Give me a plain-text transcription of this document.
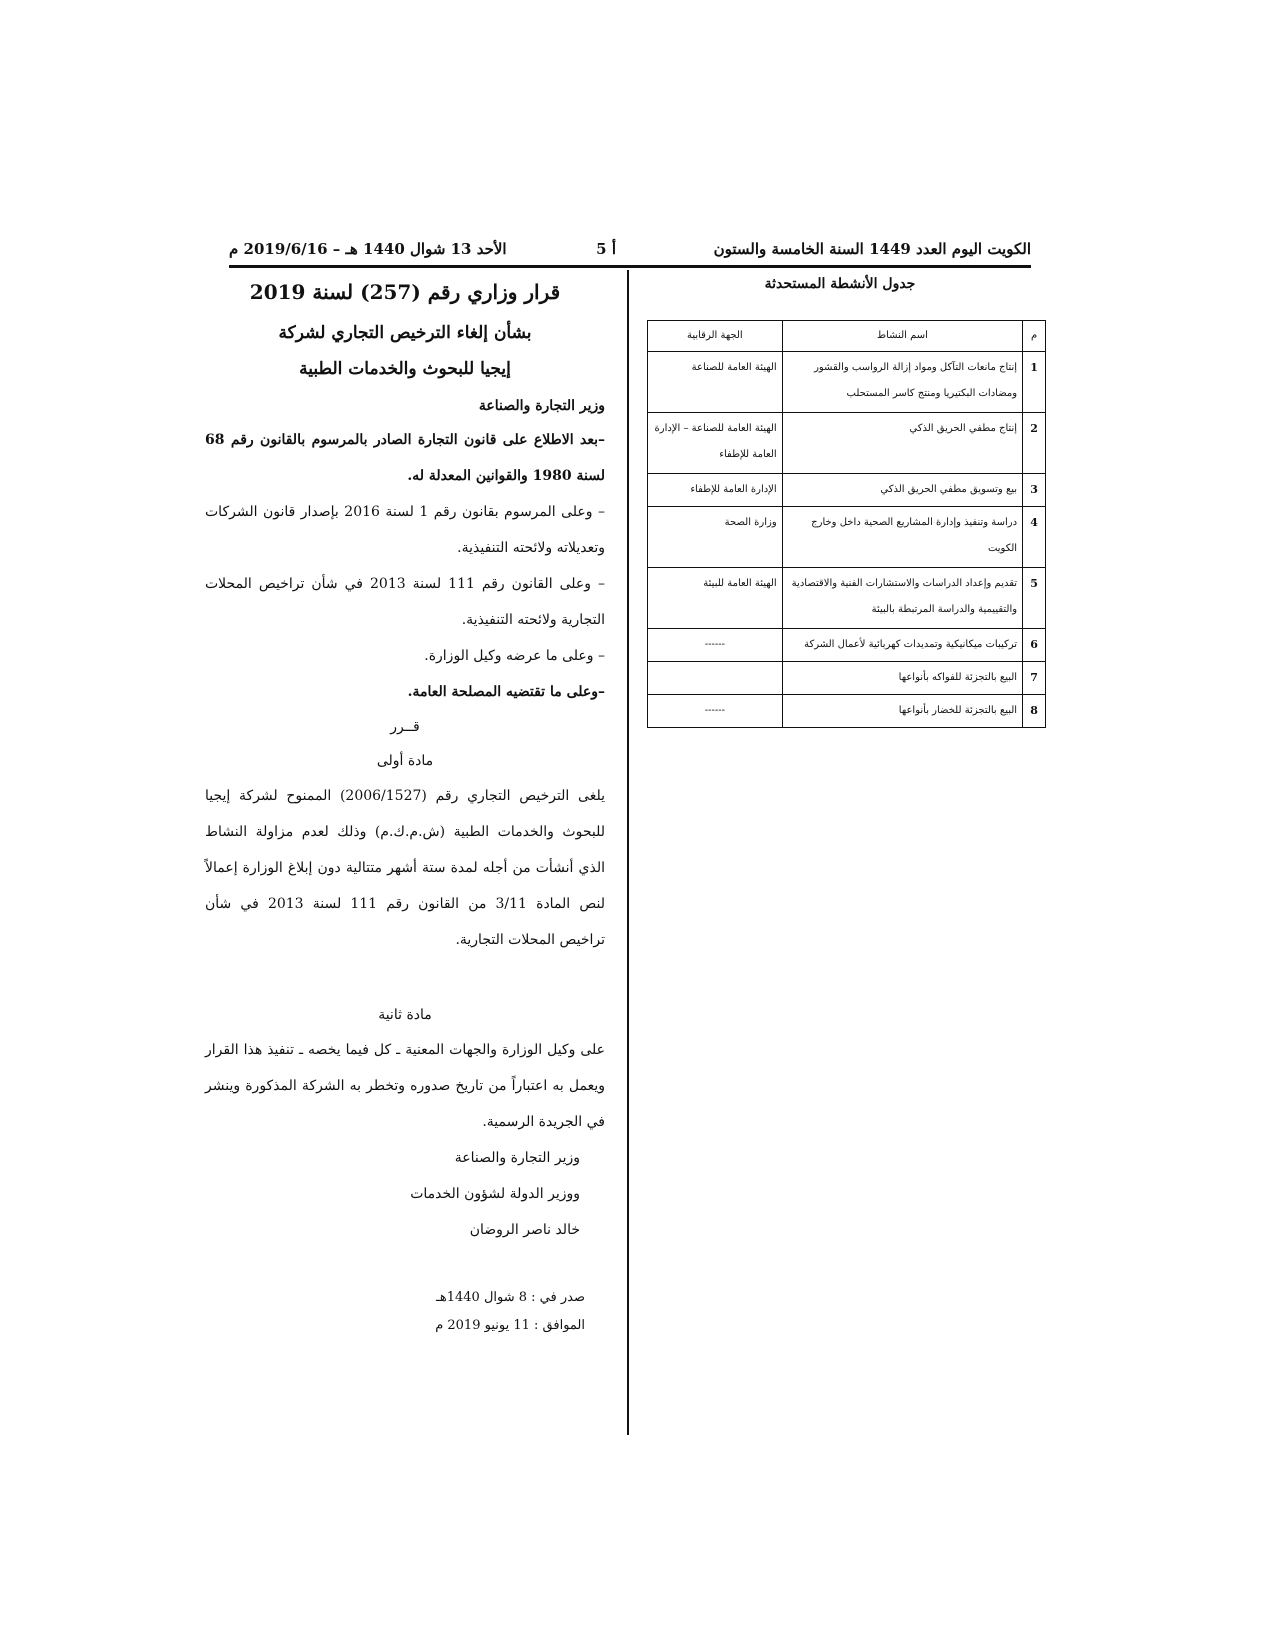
الكويت اليوم العدد 1449 السنة الخامسة والستون
أ 5
الأحد 13 شوال 1440 هـ – 2019/6/16 م
جدول الأنشطة المستحدثة
م	اسم النشاط	الجهة الرقابية
1	إنتاج مانعات التآكل ومواد إزالة الرواسب والقشور ومضادات البكتيريا ومنتج كاسر المستحلب	الهيئة العامة للصناعة
2	إنتاج مطفي الحريق الذكي	الهيئة العامة للصناعة – الإدارة العامة للإطفاء
3	بيع وتسويق مطفي الحريق الذكي	الإدارة العامة للإطفاء
4	دراسة وتنفيذ وإدارة المشاريع الصحية داخل وخارج الكويت	وزارة الصحة
5	تقديم وإعداد الدراسات والاستشارات الفنية والاقتصادية والتقييمية والدراسة المرتبطة بالبيئة	الهيئة العامة للبيئة
6	تركيبات ميكانيكية وتمديدات كهربائية لأعمال الشركة	------
7	البيع بالتجزئة للفواكه بأنواعها	
8	البيع بالتجزئة للخضار بأنواعها	------
قرار وزاري رقم (257) لسنة 2019
بشأن إلغاء الترخيص التجاري لشركة
إيجيا للبحوث والخدمات الطبية
وزير التجارة والصناعة
–بعد الاطلاع على قانون التجارة الصادر بالمرسوم بالقانون رقم 68 لسنة 1980 والقوانين المعدلة له.
– وعلى المرسوم بقانون رقم 1 لسنة 2016 بإصدار قانون الشركات وتعديلاته ولائحته التنفيذية.
– وعلى القانون رقم 111 لسنة 2013 في شأن تراخيص المحلات التجارية ولائحته التنفيذية.
– وعلى ما عرضه وكيل الوزارة.
–وعلى ما تقتضيه المصلحة العامة.
قــرر
مادة أولى
يلغى الترخيص التجاري رقم (2006/1527) الممنوح لشركة إيجيا للبحوث والخدمات الطبية (ش.م.ك.م) وذلك لعدم مزاولة النشاط الذي أنشأت من أجله لمدة ستة أشهر متتالية دون إبلاغ الوزارة إعمالاً لنص المادة 3/11 من القانون رقم 111 لسنة 2013 في شأن تراخيص المحلات التجارية.
مادة ثانية
على وكيل الوزارة والجهات المعنية ـ كل فيما يخصه ـ تنفيذ هذا القرار ويعمل به اعتباراً من تاريخ صدوره وتخطر به الشركة المذكورة وينشر في الجريدة الرسمية.
وزير التجارة والصناعة
ووزير الدولة لشؤون الخدمات
خالد ناصر الروضان
صدر في : 8 شوال 1440هـ
الموافق : 11 يونيو 2019 م
